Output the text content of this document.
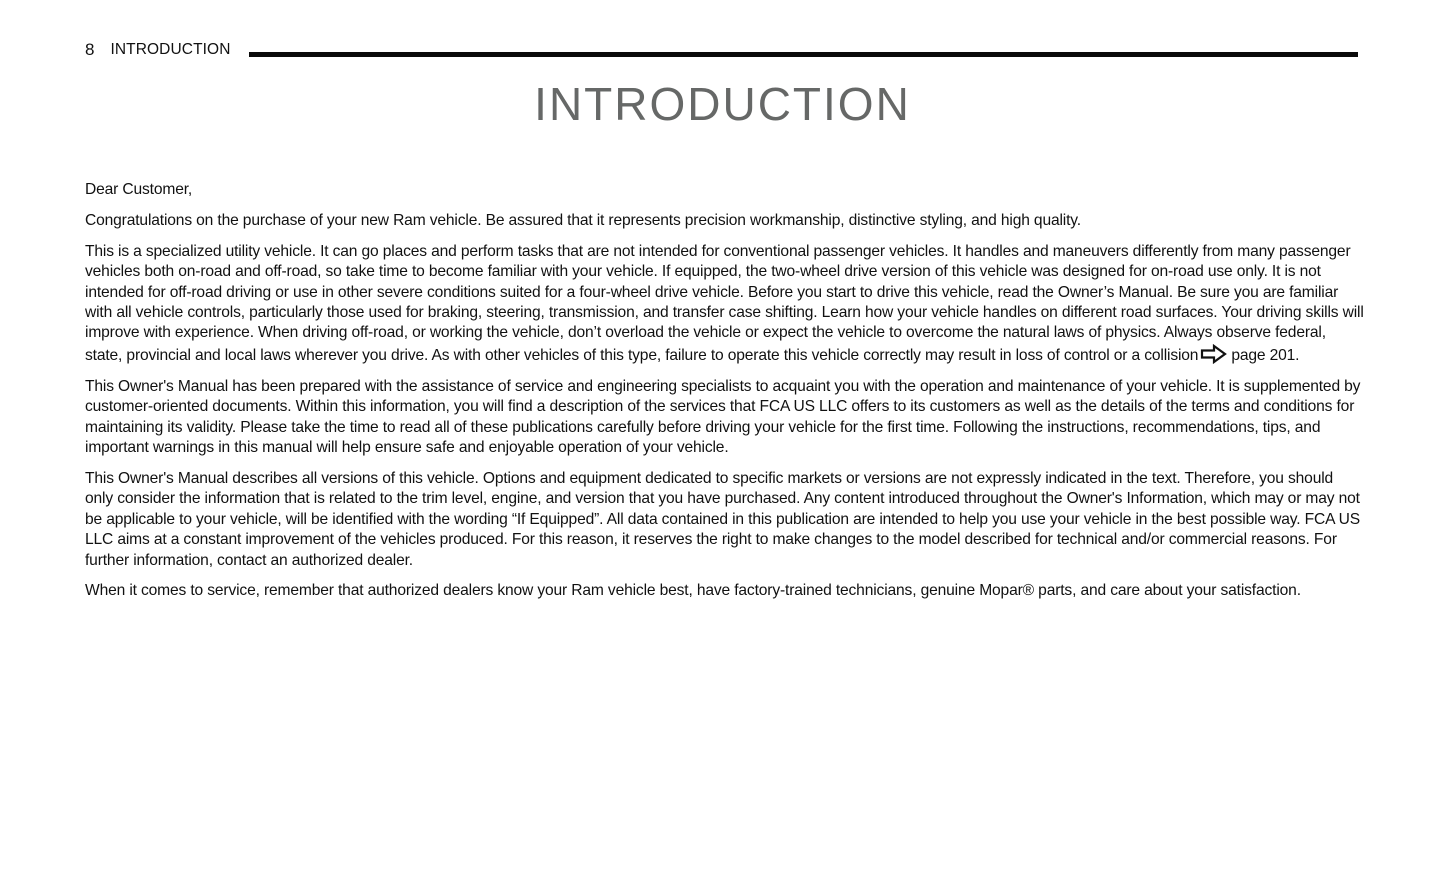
8 INTRODUCTION
INTRODUCTION

Dear Customer,

Congratulations on the purchase of your new Ram vehicle. Be assured that it represents precision workmanship, distinctive styling, and high quality.

This is a specialized utility vehicle. It can go places and perform tasks that are not intended for conventional passenger vehicles. It handles and maneuvers differently from many passenger vehicles both on-road and off-road, so take time to become familiar with your vehicle. If equipped, the two-wheel drive version of this vehicle was designed for on-road use only. It is not intended for off-road driving or use in other severe conditions suited for a four-wheel drive vehicle. Before you start to drive this vehicle, read the Owner’s Manual. Be sure you are familiar with all vehicle controls, particularly those used for braking, steering, transmission, and transfer case shifting. Learn how your vehicle handles on different road surfaces. Your driving skills will improve with experience. When driving off-road, or working the vehicle, don’t overload the vehicle or expect the vehicle to overcome the natural laws of physics. Always observe federal, state, provincial and local laws wherever you drive. As with other vehicles of this type, failure to operate this vehicle correctly may result in loss of control or a collision page 201.

This Owner's Manual has been prepared with the assistance of service and engineering specialists to acquaint you with the operation and maintenance of your vehicle. It is supplemented by customer-oriented documents. Within this information, you will find a description of the services that FCA US LLC offers to its customers as well as the details of the terms and conditions for maintaining its validity. Please take the time to read all of these publications carefully before driving your vehicle for the first time. Following the instructions, recommendations, tips, and important warnings in this manual will help ensure safe and enjoyable operation of your vehicle.

This Owner's Manual describes all versions of this vehicle. Options and equipment dedicated to specific markets or versions are not expressly indicated in the text. Therefore, you should only consider the information that is related to the trim level, engine, and version that you have purchased. Any content introduced throughout the Owner's Information, which may or may not be applicable to your vehicle, will be identified with the wording “If Equipped”. All data contained in this publication are intended to help you use your vehicle in the best possible way. FCA US LLC aims at a constant improvement of the vehicles produced. For this reason, it reserves the right to make changes to the model described for technical and/or commercial reasons. For further information, contact an authorized dealer.

When it comes to service, remember that authorized dealers know your Ram vehicle best, have factory-trained technicians, genuine Mopar® parts, and care about your satisfaction.
